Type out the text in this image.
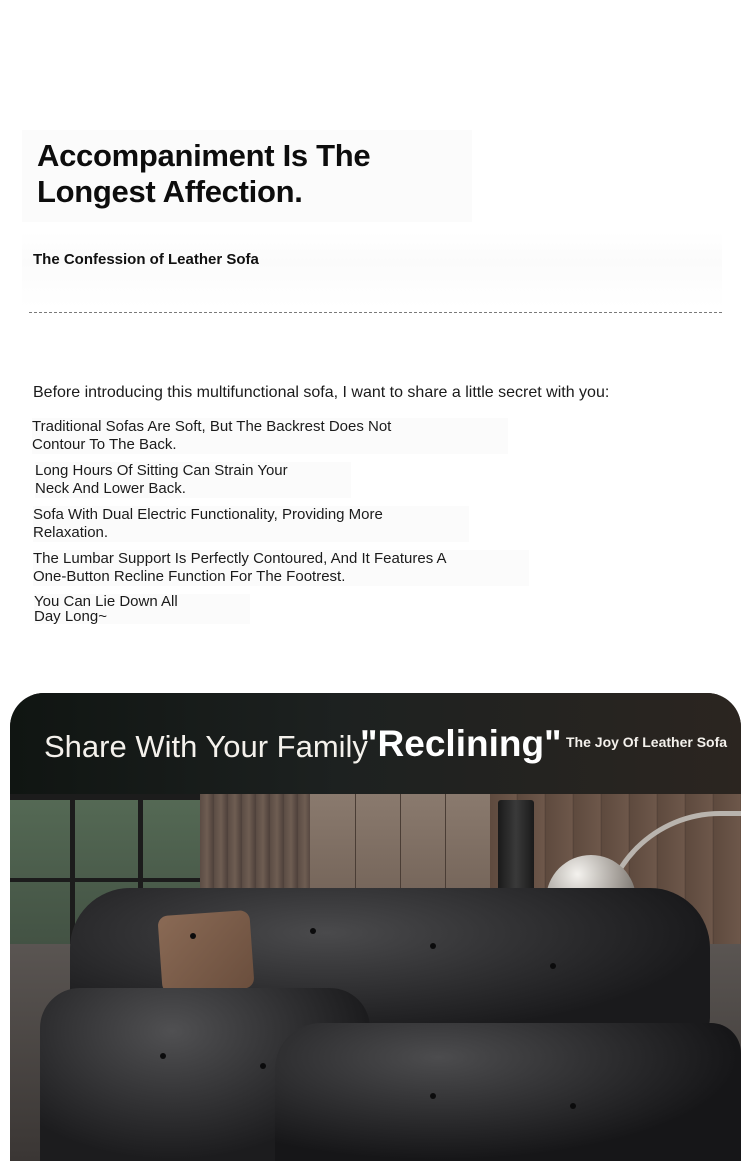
Accompaniment Is The
Longest Affection.
The Confession of Leather Sofa
Before introducing this multifunctional sofa, I want to share a little secret with you:
Traditional Sofas Are Soft, But The Backrest Does Not
Contour To The Back.
Long Hours Of Sitting Can Strain Your
Neck And Lower Back.
Sofa With Dual Electric Functionality, Providing More
Relaxation.
The Lumbar Support Is Perfectly Contoured, And It Features A
One-Button Recline Function For The Footrest.
You Can Lie Down All
Day Long~
Share With Your Family
"Reclining" The Joy Of Leather Sofa
